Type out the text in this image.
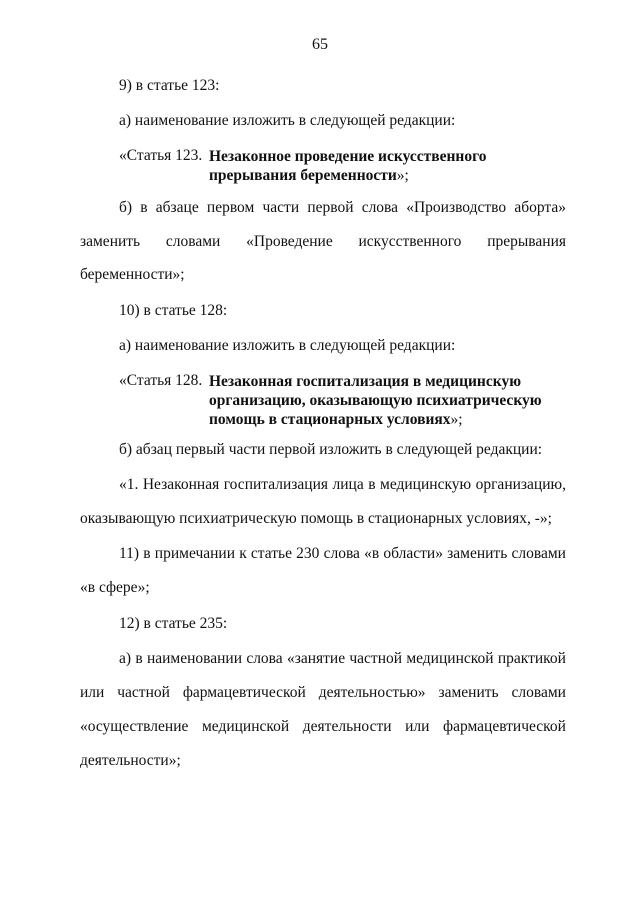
65
9) в статье 123:
а) наименование изложить в следующей редакции:
«Статья 123. Незаконное проведение искусственного прерывания беременности»;
б) в абзаце первом части первой слова «Производство аборта»
заменить словами «Проведение искусственного прерывания
беременности»;
10) в статье 128:
а) наименование изложить в следующей редакции:
«Статья 128. Незаконная госпитализация в медицинскую организацию, оказывающую психиатрическую помощь в стационарных условиях»;
б) абзац первый части первой изложить в следующей редакции:
«1. Незаконная госпитализация лица в медицинскую организацию,
оказывающую психиатрическую помощь в стационарных условиях, -»;
11) в примечании к статье 230 слова «в области» заменить словами
«в сфере»;
12) в статье 235:
а) в наименовании слова «занятие частной медицинской практикой
или частной фармацевтической деятельностью» заменить словами
«осуществление медицинской деятельности или фармацевтической
деятельности»;
